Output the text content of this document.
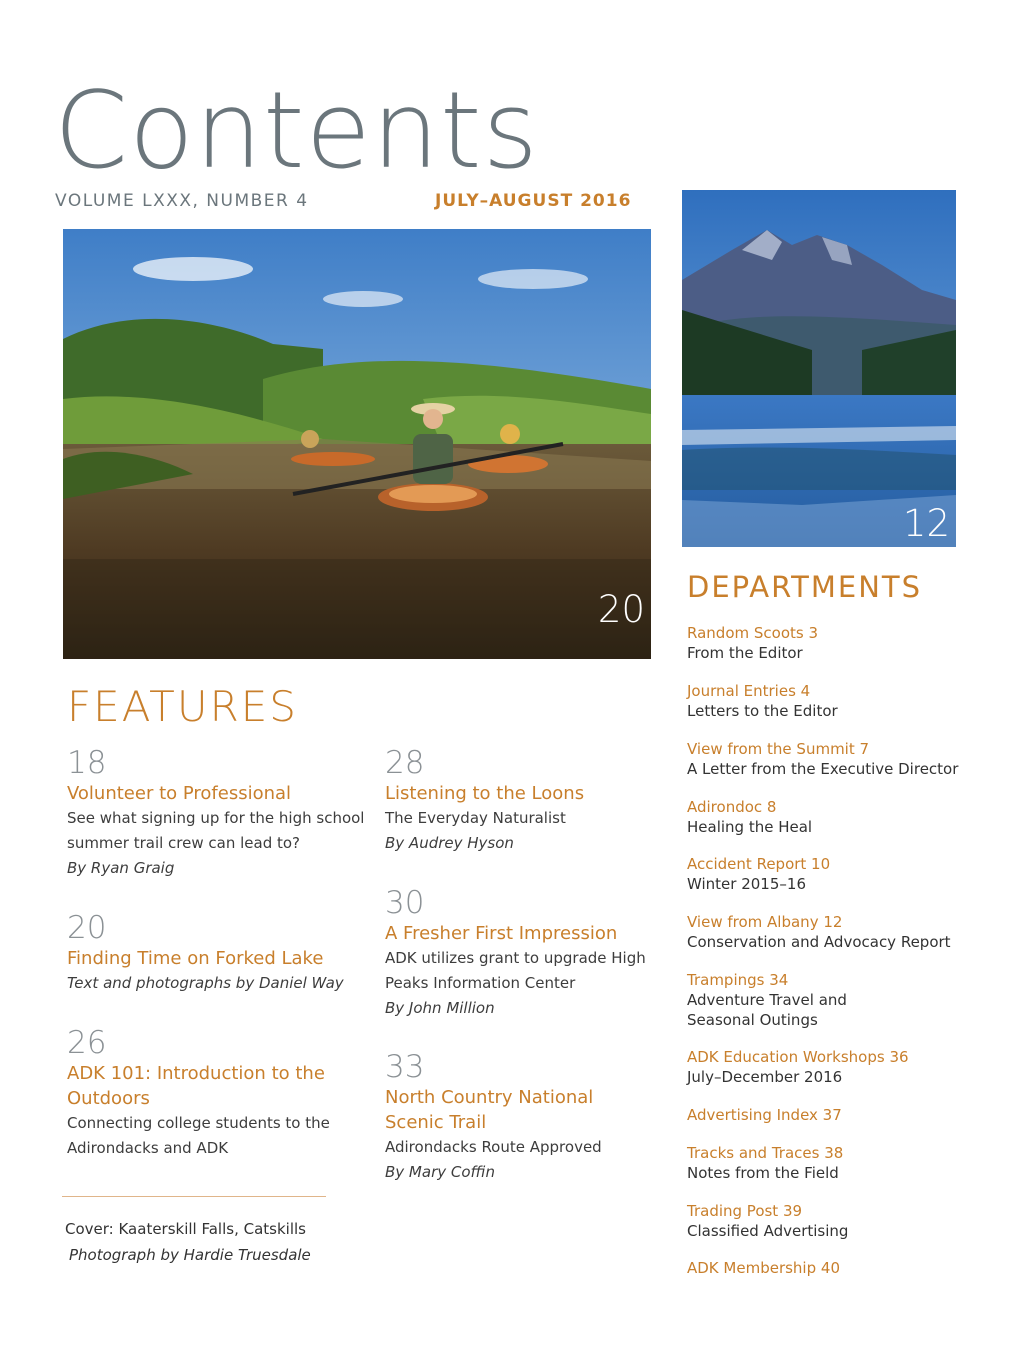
Contents
VOLUME LXXX, NUMBER 4	JULY–AUGUST 2016
20
12
FEATURES
18
Volunteer to Professional
See what signing up for the high school summer trail crew can lead to?
By Ryan Graig
20
Finding Time on Forked Lake
Text and photographs by Daniel Way
26
ADK 101: Introduction to the Outdoors
Connecting college students to the Adirondacks and ADK
28
Listening to the Loons
The Everyday Naturalist
By Audrey Hyson
30
A Fresher First Impression
ADK utilizes grant to upgrade High Peaks Information Center
By John Million
33
North Country National Scenic Trail
Adirondacks Route Approved
By Mary Coffin
DEPARTMENTS
Random Scoots 3
From the Editor
Journal Entries 4
Letters to the Editor
View from the Summit 7
A Letter from the Executive Director
Adirondoc 8
Healing the Heal
Accident Report 10
Winter 2015–16
View from Albany 12
Conservation and Advocacy Report
Trampings 34
Adventure Travel and Seasonal Outings
ADK Education Workshops 36
July–December 2016
Advertising Index 37
Tracks and Traces 38
Notes from the Field
Trading Post 39
Classified Advertising
ADK Membership 40
Cover: Kaaterskill Falls, Catskills
Photograph by Hardie Truesdale
